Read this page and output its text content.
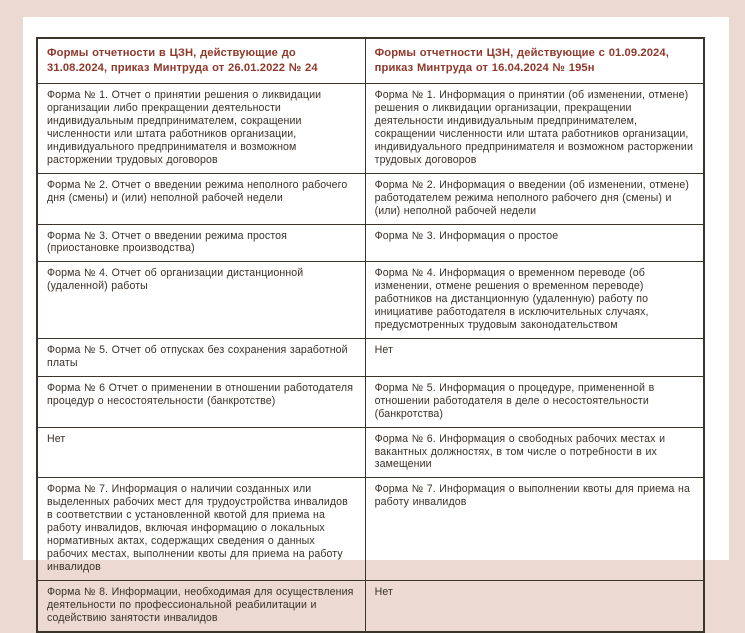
Формы отчетности в ЦЗН, действующие до 31.08.2024, приказ Минтруда от 26.01.2022 № 24	Формы отчетности ЦЗН, действующие с 01.09.2024, приказ Минтруда от 16.04.2024 № 195н
Форма № 1. Отчет о принятии решения о ликвидации организации либо прекращении деятельности индивидуальным предпринимателем, сокращении численности или штата работников организации, индивидуального предпринимателя и возможном расторжении трудовых договоров	Форма № 1. Информация о принятии (об изменении, отмене) решения о ликвидации организации, прекращении деятельности индивидуальным предпринимателем, сокращении численности или штата работников организации, индивидуального предпринимателя и возможном расторжении трудовых договоров
Форма № 2. Отчет о введении режима неполного рабочего дня (смены) и (или) неполной рабочей недели	Форма № 2. Информация о введении (об изменении, отмене) работодателем режима неполного рабочего дня (смены) и (или) неполной рабочей недели
Форма № 3. Отчет о введении режима простоя (приостановке производства)	Форма № 3. Информация о простое
Форма № 4. Отчет об организации дистанционной (удаленной) работы	Форма № 4. Информация о временном переводе (об изменении, отмене решения о временном переводе) работников на дистанционную (удаленную) работу по инициативе работодателя в исключительных случаях, предусмотренных трудовым законодательством
Форма № 5. Отчет об отпусках без сохранения заработной платы	Нет
Форма № 6 Отчет о применении в отношении работодателя процедур о несостоятельности (банкротстве)	Форма № 5. Информация о процедуре, примененной в отношении работодателя в деле о несостоятельности (банкротства)
Нет	Форма № 6. Информация о свободных рабочих местах и вакантных должностях, в том числе о потребности в их замещении
Форма № 7. Информация о наличии созданных или выделенных рабочих мест для трудоустройства инвалидов в соответствии с установленной квотой для приема на работу инвалидов, включая информацию о локальных нормативных актах, содержащих сведения о данных рабочих местах, выполнении квоты для приема на работу инвалидов	Форма № 7. Информация о выполнении квоты для приема на работу инвалидов
Форма № 8. Информации, необходимая для осуществления деятельности по профессиональной реабилитации и содействию занятости инвалидов	Нет
